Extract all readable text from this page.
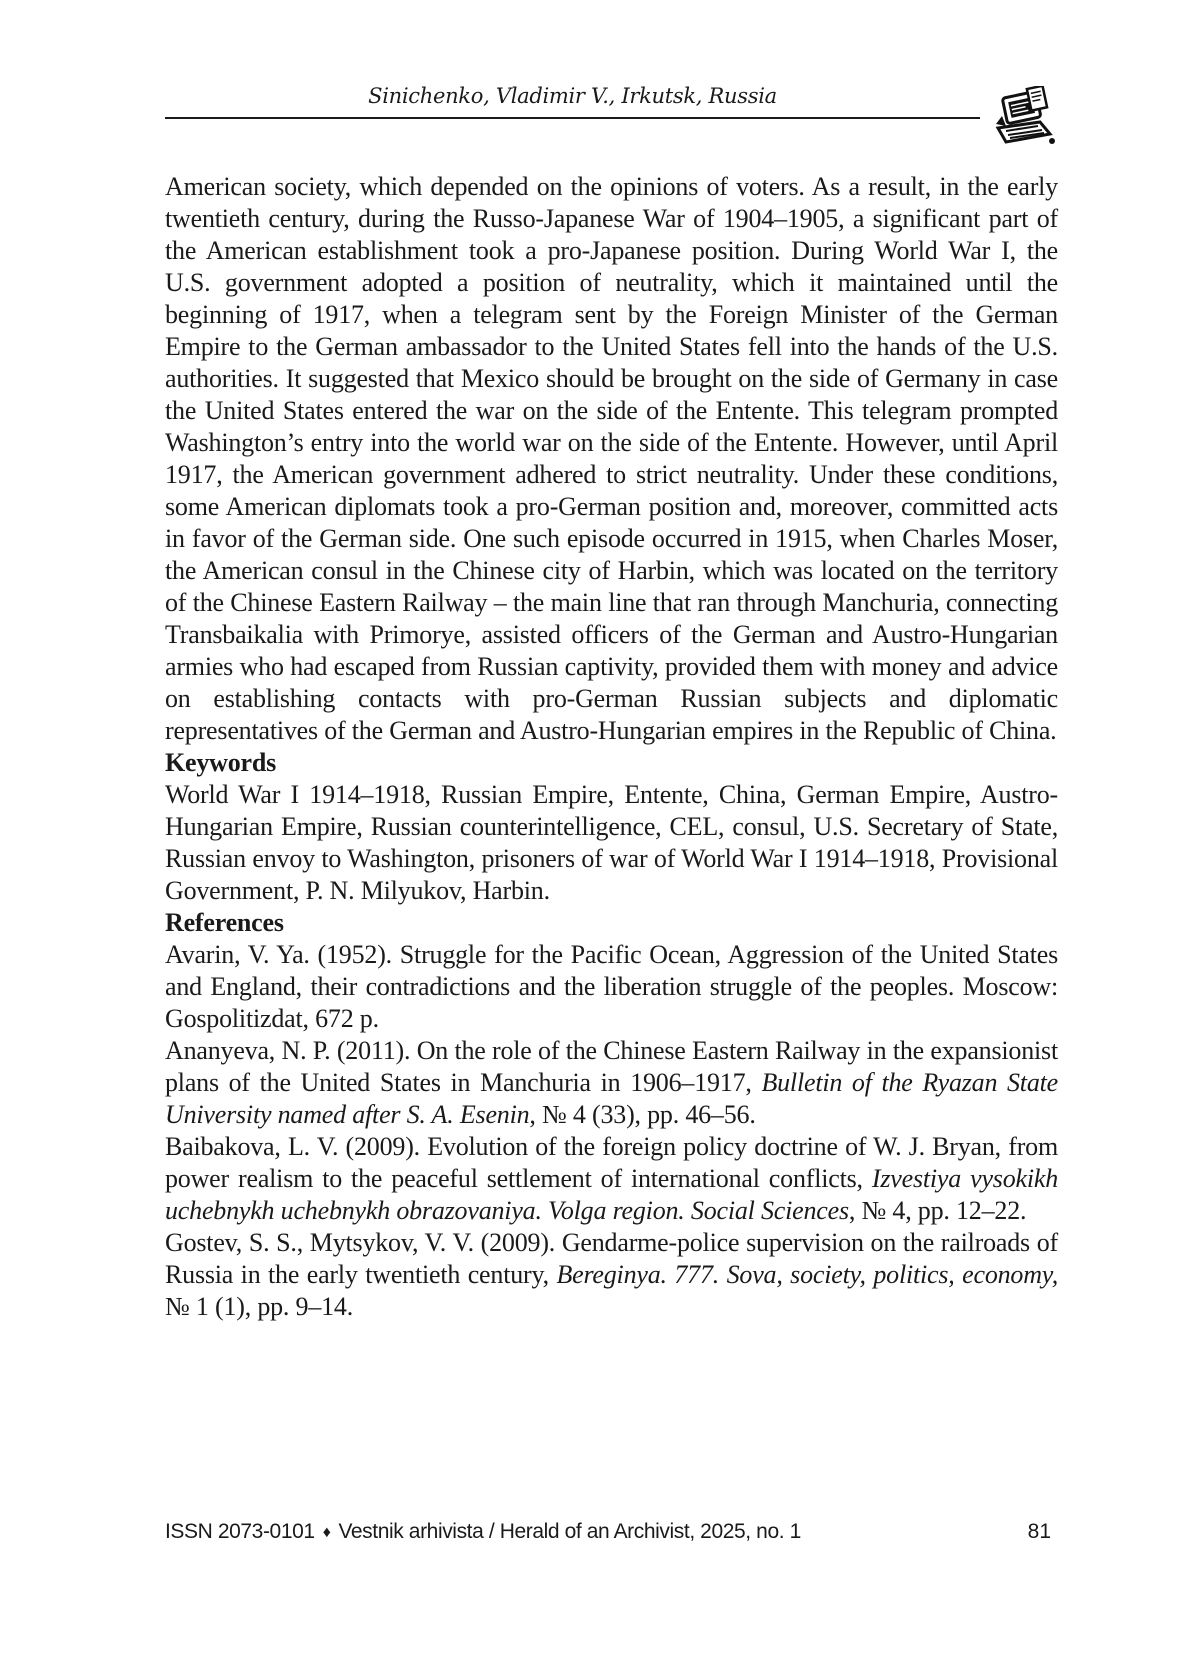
Sinichenko, Vladimir V., Irkutsk, Russia

American society, which depended on the opinions of voters. As a result, in the early twentieth century, during the Russo-Japanese War of 1904–1905, a significant part of the American establishment took a pro-Japanese position. During World War I, the U.S. government adopted a position of neutrality, which it maintained until the beginning of 1917, when a telegram sent by the Foreign Minister of the German Empire to the German ambassador to the United States fell into the hands of the U.S. authorities. It suggested that Mexico should be brought on the side of Germany in case the United States entered the war on the side of the Entente. This telegram prompted Washington’s entry into the world war on the side of the Entente. However, until April 1917, the American government adhered to strict neutrality. Under these conditions, some American diplomats took a pro-German position and, moreover, committed acts in favor of the German side. One such episode occurred in 1915, when Charles Moser, the American consul in the Chinese city of Harbin, which was located on the territory of the Chinese Eastern Railway – the main line that ran through Manchuria, connecting Transbaikalia with Primorye, assisted officers of the German and Austro-Hungarian armies who had escaped from Russian captivity, provided them with money and advice on establishing contacts with pro-German Russian subjects and diplomatic representatives of the German and Austro-Hungarian empires in the Republic of China.

Keywords

World War I 1914–1918, Russian Empire, Entente, China, German Empire, Austro-Hungarian Empire, Russian counterintelligence, CEL, consul, U.S. Secretary of State, Russian envoy to Washington, prisoners of war of World War I 1914–1918, Provisional Government, P. N. Milyukov, Harbin.

References

Avarin, V. Ya. (1952). Struggle for the Pacific Ocean, Aggression of the United States and England, their contradictions and the liberation struggle of the peoples. Moscow: Gospolitizdat, 672 p.

Ananyeva, N. P. (2011). On the role of the Chinese Eastern Railway in the expansionist plans of the United States in Manchuria in 1906–1917, Bulletin of the Ryazan State University named after S. A. Esenin, № 4 (33), pp. 46–56.

Baibakova, L. V. (2009). Evolution of the foreign policy doctrine of W. J. Bryan, from power realism to the peaceful settlement of international conflicts, Izvestiya vysokikh uchebnykh uchebnykh obrazovaniya. Volga region. Social Sciences, № 4, pp. 12–22.

Gostev, S. S., Mytsykov, V. V. (2009). Gendarme-police supervision on the railroads of Russia in the early twentieth century, Bereginya. 777. Sova, society, politics, economy, № 1 (1), pp. 9–14.

ISSN 2073-0101 ♦ Vestnik arhivista / Herald of an Archivist, 2025, no. 1	81
